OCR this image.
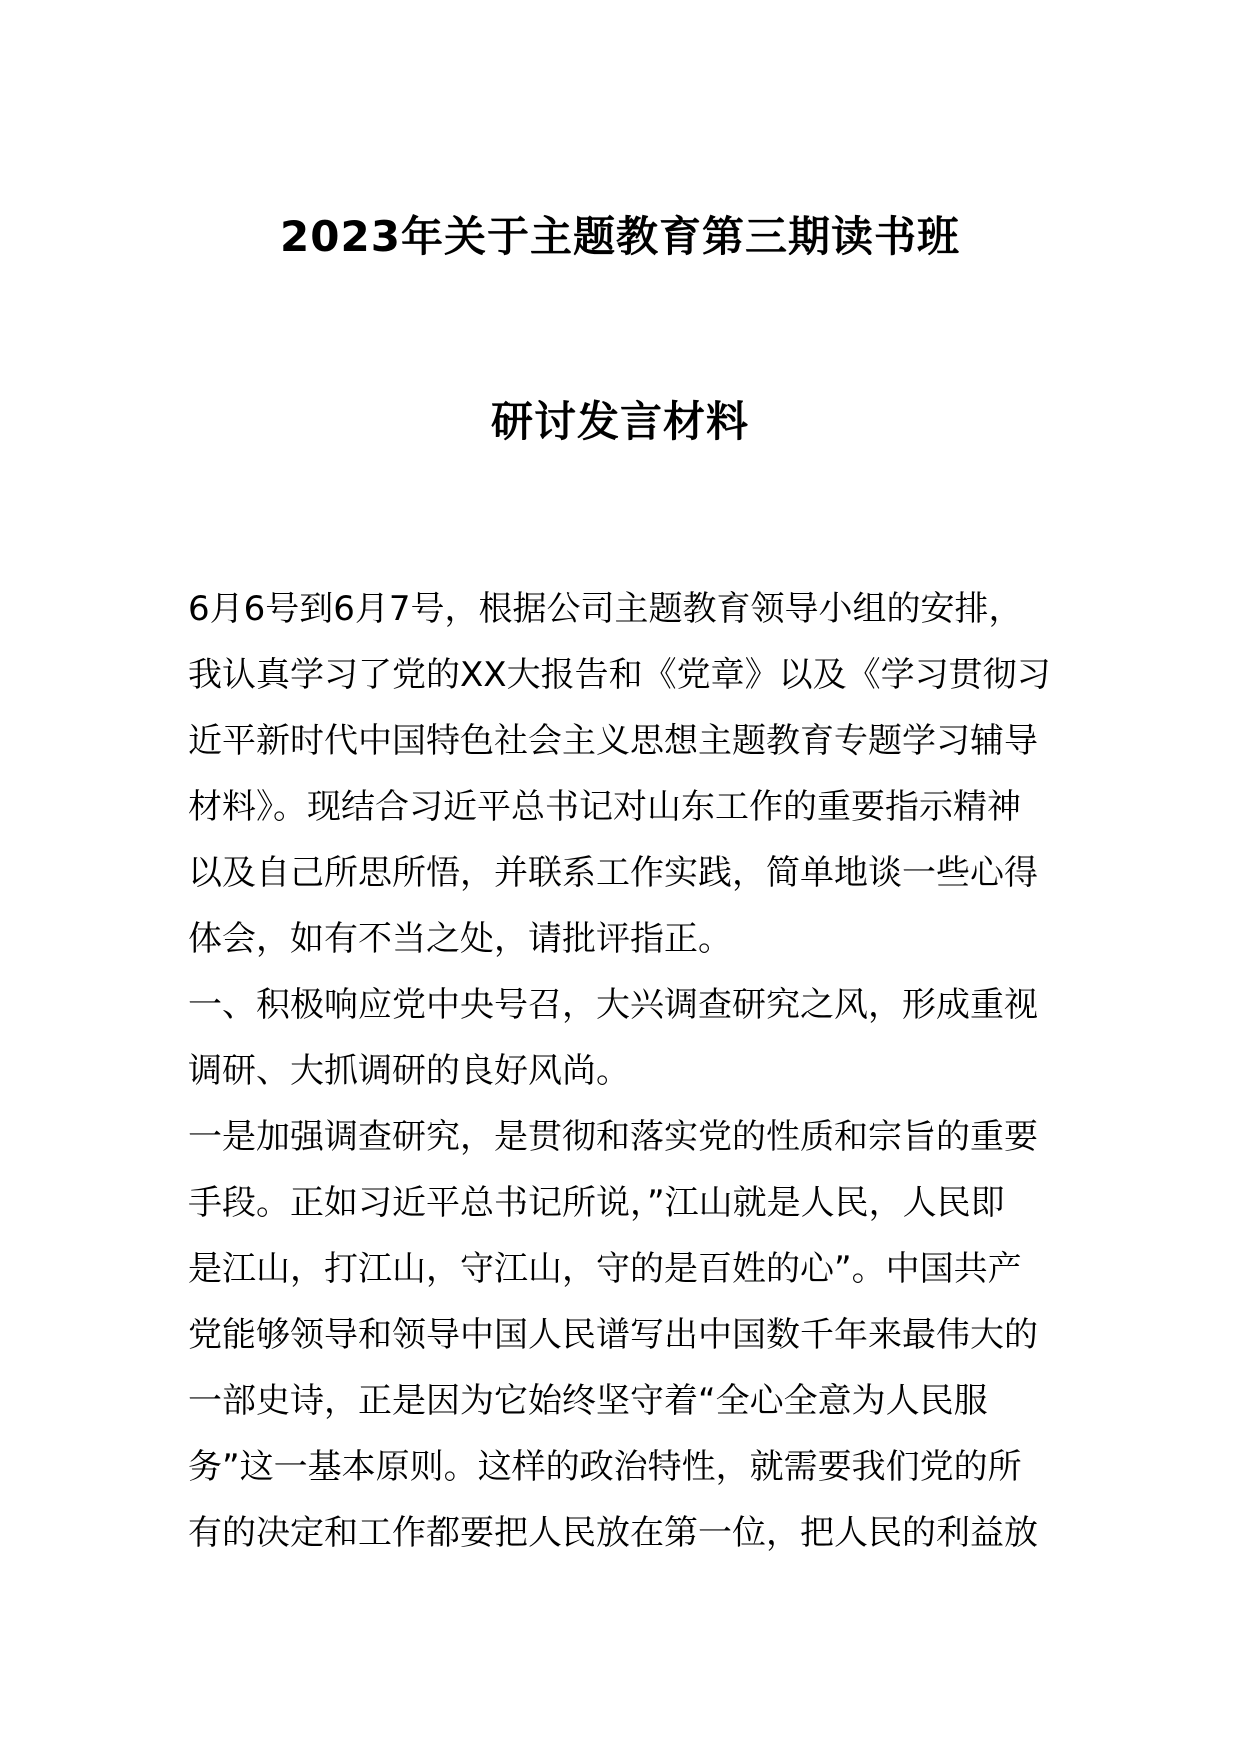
2023年关于主题教育第三期读书班
研讨发言材料
6月6号到6月7号，根据公司主题教育领导小组的安排，
我认真学习了党的XX大报告和《党章》以及《学习贯彻习
近平新时代中国特色社会主义思想主题教育专题学习辅导
材料》。现结合习近平总书记对山东工作的重要指示精神
以及自己所思所悟，并联系工作实践，简单地谈一些心得
体会，如有不当之处，请批评指正。
一、积极响应党中央号召，大兴调查研究之风，形成重视
调研、大抓调研的良好风尚。
一是加强调查研究，是贯彻和落实党的性质和宗旨的重要
手段。正如习近平总书记所说，”江山就是人民，人民即
是江山，打江山，守江山，守的是百姓的心”。中国共产
党能够领导和领导中国人民谱写出中国数千年来最伟大的
一部史诗，正是因为它始终坚守着“全心全意为人民服
务”这一基本原则。这样的政治特性，就需要我们党的所
有的决定和工作都要把人民放在第一位，把人民的利益放
